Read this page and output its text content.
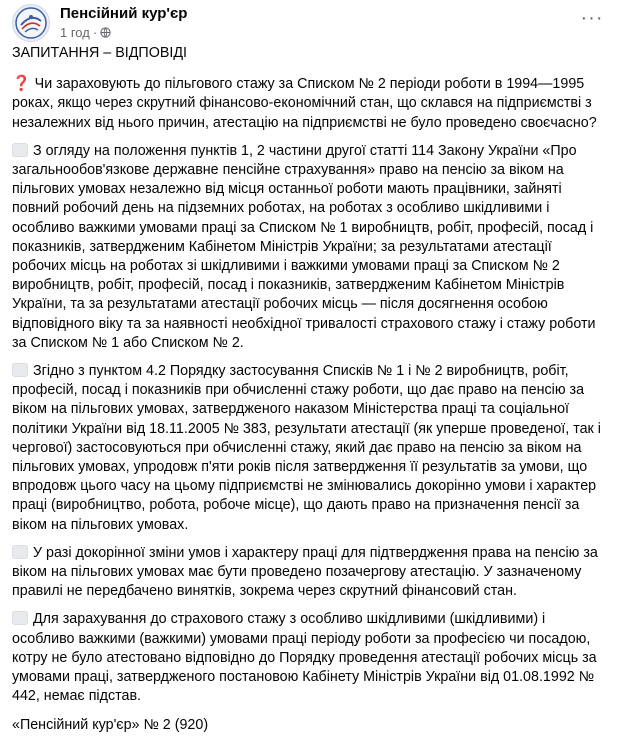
Пенсійний кур'єр
1 год ·
···

ЗАПИТАННЯ – ВІДПОВІДІ

❓ Чи зараховують до пільгового стажу за Списком № 2 періоди роботи в 1994—1995 роках, якщо через скрутний фінансово-економічний стан, що склався на підприємстві з незалежних від нього причин, атестацію на підприємстві не було проведено своєчасно?

З огляду на положення пунктів 1, 2 частини другої статті 114 Закону України «Про загальнообов'язкове державне пенсійне страхування» право на пенсію за віком на пільгових умовах незалежно від місця останньої роботи мають працівники, зайняті повний робочий день на підземних роботах, на роботах з особливо шкідливими і особливо важкими умовами праці за Списком № 1 виробництв, робіт, професій, посад і показників, затвердженим Кабінетом Міністрів України; за результатами атестації робочих місць на роботах зі шкідливими і важкими умовами праці за Списком № 2 виробництв, робіт, професій, посад і показників, затвердженим Кабінетом Міністрів України, та за результатами атестації робочих місць — після досягнення особою відповідного віку та за наявності необхідної тривалості страхового стажу і стажу роботи за Списком № 1 або Списком № 2.

Згідно з пунктом 4.2 Порядку застосування Списків № 1 і № 2 виробництв, робіт, професій, посад і показників при обчисленні стажу роботи, що дає право на пенсію за віком на пільгових умовах, затвердженого наказом Міністерства праці та соціальної політики України від 18.11.2005 № 383, результати атестації (як уперше проведеної, так і чергової) застосовуються при обчисленні стажу, який дає право на пенсію за віком на пільгових умовах, упродовж п'яти років після затвердження її результатів за умови, що впродовж цього часу на цьому підприємстві не змінювались докорінно умови і характер праці (виробництво, робота, робоче місце), що дають право на призначення пенсії за віком на пільгових умовах.

У разі докорінної зміни умов і характеру праці для підтвердження права на пенсію за віком на пільгових умовах має бути проведено позачергову атестацію. У зазначеному правилі не передбачено винятків, зокрема через скрутний фінансовий стан.

Для зарахування до страхового стажу з особливо шкідливими (шкідливими) і особливо важкими (важкими) умовами праці періоду роботи за професією чи посадою, котру не було атестовано відповідно до Порядку проведення атестації робочих місць за умовами праці, затвердженого постановою Кабінету Міністрів України від 01.08.1992 № 442, немає підстав.

«Пенсійний кур'єр» № 2 (920)
